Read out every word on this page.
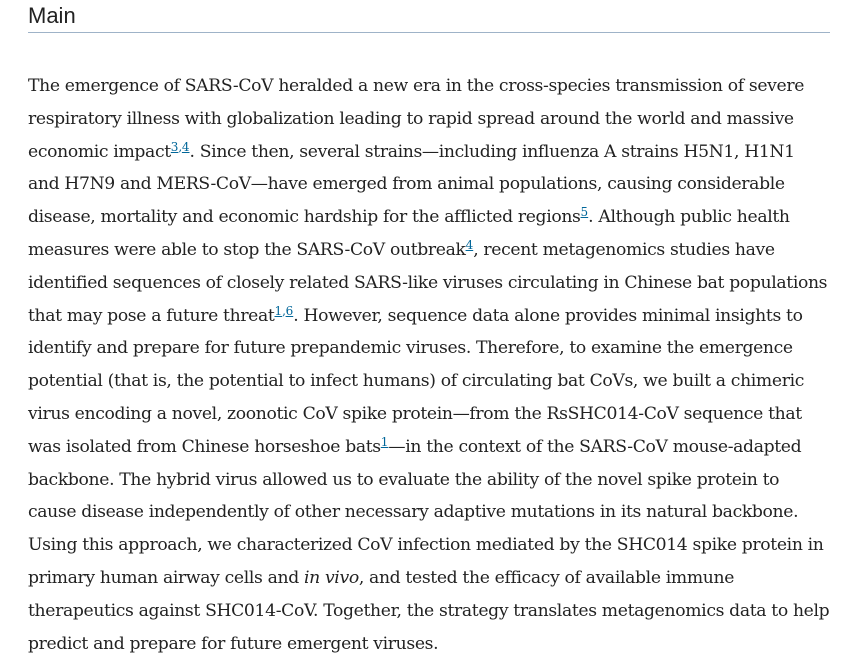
Main

The emergence of SARS-CoV heralded a new era in the cross-species transmission of severe
respiratory illness with globalization leading to rapid spread around the world and massive
economic impact$^{3,4}$. Since then, several strains—including influenza A strains H5N1, H1N1
and H7N9 and MERS-CoV—have emerged from animal populations, causing considerable
disease, mortality and economic hardship for the afflicted regions$^5$. Although public health
measures were able to stop the SARS-CoV outbreak$^4$, recent metagenomics studies have
identified sequences of closely related SARS-like viruses circulating in Chinese bat populations
that may pose a future threat$^{1,6}$. However, sequence data alone provides minimal insights to
identify and prepare for future prepandemic viruses. Therefore, to examine the emergence
potential (that is, the potential to infect humans) of circulating bat CoVs, we built a chimeric
virus encoding a novel, zoonotic CoV spike protein—from the RsSHC014-CoV sequence that
was isolated from Chinese horseshoe bats$^1$—in the context of the SARS-CoV mouse-adapted
backbone. The hybrid virus allowed us to evaluate the ability of the novel spike protein to
cause disease independently of other necessary adaptive mutations in its natural backbone.
Using this approach, we characterized CoV infection mediated by the SHC014 spike protein in
primary human airway cells and in vivo, and tested the efficacy of available immune
therapeutics against SHC014-CoV. Together, the strategy translates metagenomics data to help
predict and prepare for future emergent viruses.
